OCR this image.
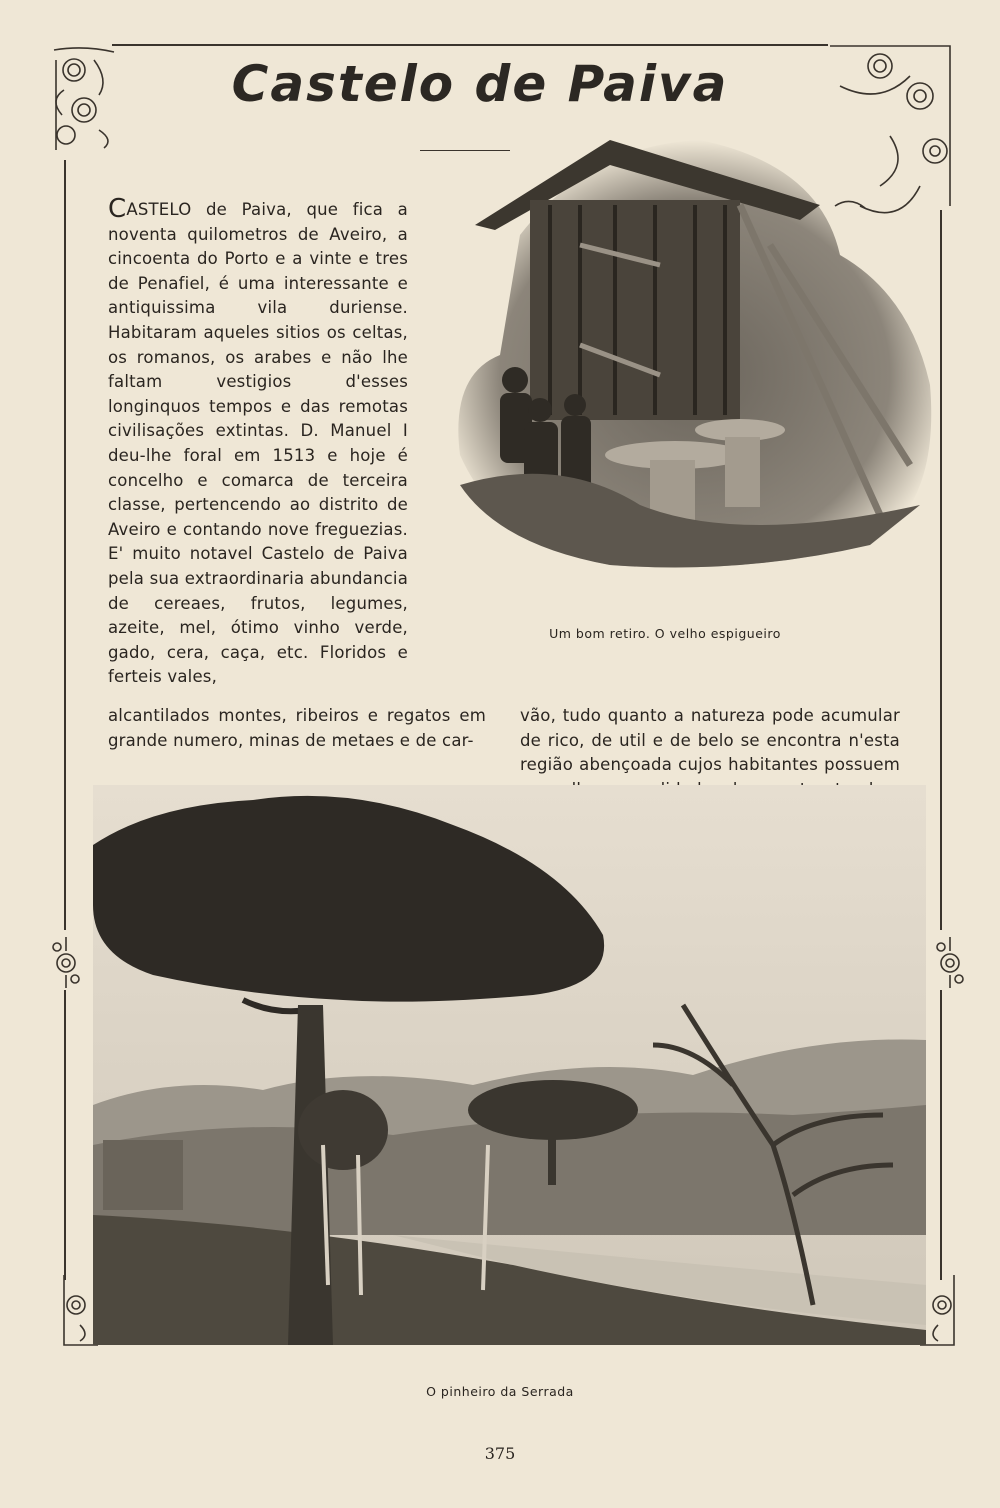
Castelo de Paiva

CASTELO de Paiva, que fica a noventa quilometros de Aveiro, a cincoenta do Porto e a vinte e tres de Penafiel, é uma interessante e antiquissima vila duriense. Habitaram aqueles sitios os celtas, os romanos, os arabes e não lhe faltam vestigios d'esses longinquos tempos e das remotas civilisações extintas. D. Manuel I deu-lhe foral em 1513 e hoje é concelho e comarca de terceira classe, pertencendo ao distrito de Aveiro e contando nove freguezias. E' muito notavel Castelo de Paiva pela sua extraordinaria abundancia de cereaes, frutos, legumes, azeite, mel, ótimo vinho verde, gado, cera, caça, etc. Floridos e ferteis vales,

alcantilados montes, ribeiros e regatos em grande numero, minas de metaes e de car-

vão, tudo quanto a natureza pode acumular de rico, de util e de belo se encontra n'esta região abençoada cujos habitantes possuem

Um bom retiro. O velho espigueiro

O pinheiro da Serrada

375
